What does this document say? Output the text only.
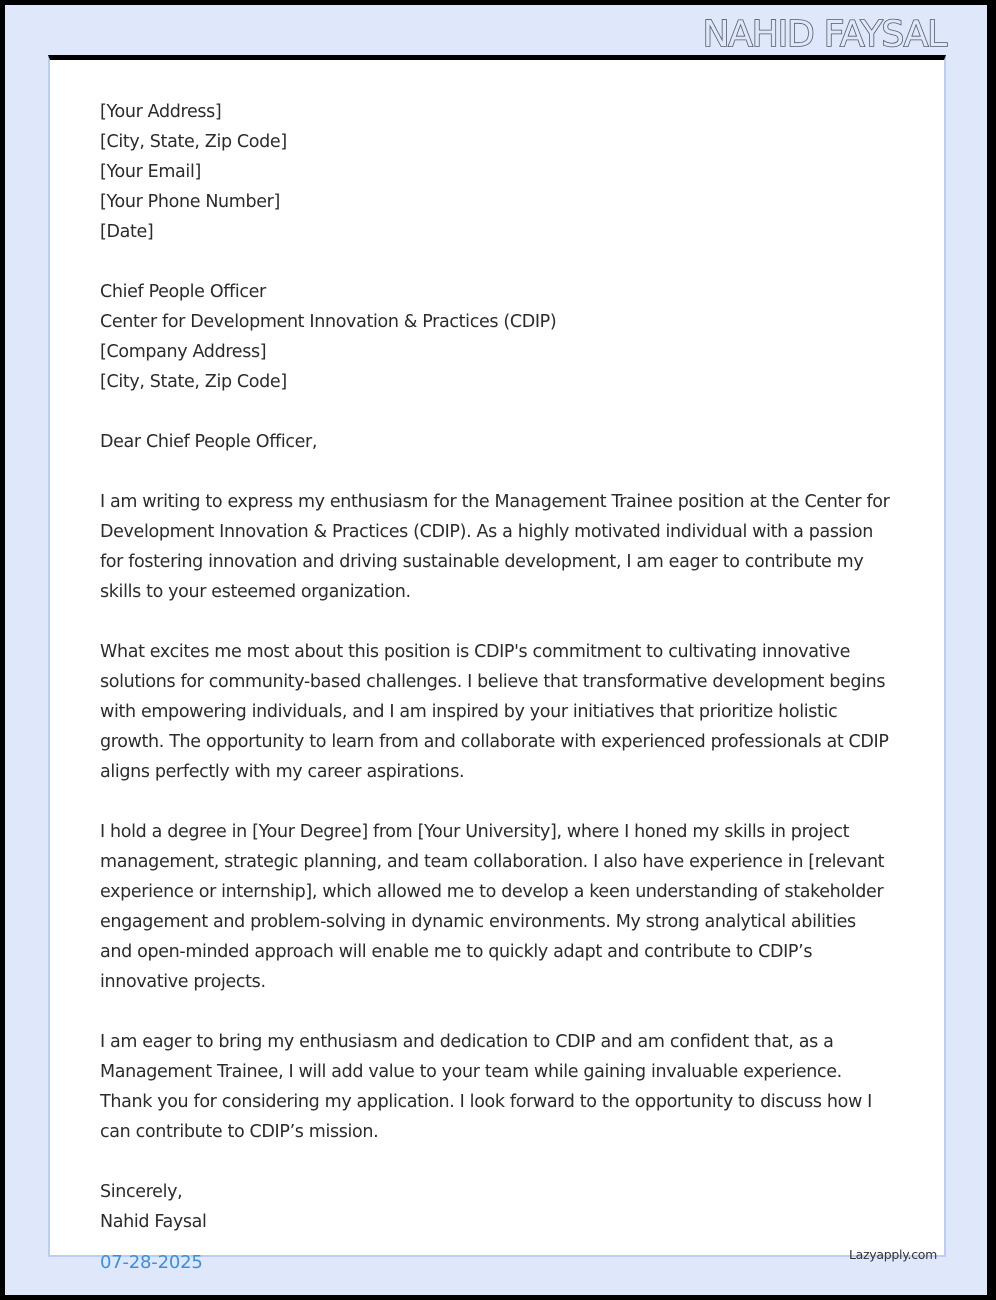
NAHID FAYSAL
[Your Address]
[City, State, Zip Code]
[Your Email]
[Your Phone Number]
[Date]
Chief People Officer
Center for Development Innovation & Practices (CDIP)
[Company Address]
[City, State, Zip Code]

Dear Chief People Officer,

I am writing to express my enthusiasm for the Management Trainee position at the Center for Development Innovation & Practices (CDIP). As a highly motivated individual with a passion for fostering innovation and driving sustainable development, I am eager to contribute my skills to your esteemed organization.

What excites me most about this position is CDIP's commitment to cultivating innovative solutions for community-based challenges. I believe that transformative development begins with empowering individuals, and I am inspired by your initiatives that prioritize holistic growth. The opportunity to learn from and collaborate with experienced professionals at CDIP aligns perfectly with my career aspirations.

I hold a degree in [Your Degree] from [Your University], where I honed my skills in project management, strategic planning, and team collaboration. I also have experience in [relevant experience or internship], which allowed me to develop a keen understanding of stakeholder engagement and problem-solving in dynamic environments. My strong analytical abilities and open-minded approach will enable me to quickly adapt and contribute to CDIP’s innovative projects.

I am eager to bring my enthusiasm and dedication to CDIP and am confident that, as a Management Trainee, I will add value to your team while gaining invaluable experience. Thank you for considering my application. I look forward to the opportunity to discuss how I can contribute to CDIP’s mission.

Sincerely,
Nahid Faysal
07-28-2025	Lazyapply.com
